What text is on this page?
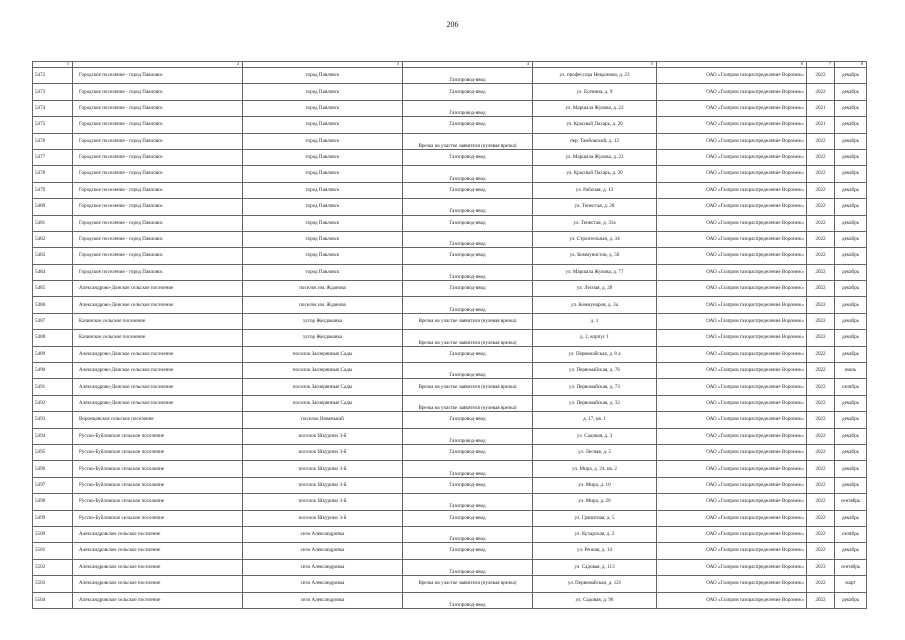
206
1	2	3	4	5	6	7	8
5472	Городское поселение - город Павловск	город Павловск	Газопровод-ввод	ул. профессора Невдонова, д. 23	ОАО «Газпром газораспределение Воронеж»	2022	декабрь
5473	Городское поселение - город Павловск	город Павловск	Газопровод-ввод	ул. Есенина, д. 9	ОАО «Газпром газораспределение Воронеж»	2022	декабрь
5474	Городское поселение - город Павловск	город Павловск	Газопровод-ввод	ул. Маршала Жукова, д. 22	ОАО «Газпром газораспределение Воронеж»	2021	декабрь
5475	Городское поселение - город Павловск	город Павловск	Газопровод-ввод	ул. Красный Пахарь, д. 20	ОАО «Газпром газораспределение Воронеж»	2021	декабрь
5476	Городское поселение - город Павловск	город Павловск	Врезка на участке заявителя (нулевая врезка)	пер. Тамбовский, д. 12	ОАО «Газпром газораспределение Воронеж»	2022	декабрь
5477	Городское поселение - город Павловск	город Павловск	Газопровод-ввод	ул. Маршала Жукова, д. 22	ОАО «Газпром газораспределение Воронеж»	2022	декабрь
5478	Городское поселение - город Павловск	город Павловск	Газопровод-ввод	ул. Красный Пахарь, д. 20	ОАО «Газпром газораспределение Воронеж»	2022	декабрь
5479	Городское поселение - город Павловск	город Павловск	Газопровод-ввод	ул. Рабочая, д. 12	ОАО «Газпром газораспределение Воронеж»	2022	декабрь
5480	Городское поселение - город Павловск	город Павловск	Газопровод-ввод	ул. Тенистая, д. 28	ОАО «Газпром газораспределение Воронеж»	2022	декабрь
5481	Городское поселение - город Павловск	город Павловск	Газопровод-ввод	ул. Тенистая, д. 31а	ОАО «Газпром газораспределение Воронеж»	2022	декабрь
5482	Городское поселение - город Павловск	город Павловск	Газопровод-ввод	ул. Строительная, д. 34	ОАО «Газпром газораспределение Воронеж»	2022	декабрь
5483	Городское поселение - город Павловск	город Павловск	Газопровод-ввод	ул. Коммунистов, д. 50	ОАО «Газпром газораспределение Воронеж»	2022	декабрь
5484	Городское поселение - город Павловск	город Павловск	Газопровод-ввод	ул. Маршала Жукова, д. 77	ОАО «Газпром газораспределение Воронеж»	2022	декабрь
5485	Александрово-Донское сельское поселение	поселок им. Жданова	Газопровод-ввод	ул. Лесная, д. 28	ОАО «Газпром газораспределение Воронеж»	2022	декабрь
5486	Александрово-Донское сельское поселение	поселок им. Жданова	Газопровод-ввод	ул. Коммунаров, д. 3а	ОАО «Газпром газораспределение Воронеж»	2022	декабрь
5487	Казинское сельское поселение	хутор Желдаковка	Врезка на участке заявителя (нулевая врезка)	д. 1	ОАО «Газпром газораспределение Воронеж»	2022	декабрь
5488	Казинское сельское поселение	хутор Желдаковка	Врезка на участке заявителя (нулевая врезка)	д. 2, корпус 1	ОАО «Газпром газораспределение Воронеж»	2022	декабрь
5489	Александрово-Донское сельское поселение	поселок Заозерянные Сады	Газопровод-ввод	ул. Первомайская, д. 8 а	ОАО «Газпром газораспределение Воронеж»	2022	декабрь
5490	Александрово-Донское сельское поселение	поселок Заозерянные Сады	Газопровод-ввод	ул. Первомайская, д. 76	ОАО «Газпром газораспределение Воронеж»	2022	июнь
5491	Александрово-Донское сельское поселение	поселок Заозерянные Сады	Врезка на участке заявителя (нулевая врезка)	ул. Первомайская, д. 73	ОАО «Газпром газораспределение Воронеж»	2022	октябрь
5492	Александрово-Донское сельское поселение	поселок Заозерянные Сады	Врезка на участке заявителя (нулевая врезка)	ул. Первомайская, д. 32	ОАО «Газпром газораспределение Воронеж»	2022	декабрь
5493	Воронцовское сельское поселение	поселок Новенький	Газопровод-ввод	д. 17, кв. 1	ОАО «Газпром газораспределение Воронеж»	2022	декабрь
5494	Русско-Буйловское сельское поселение	поселок Шкурино 3-й	Газопровод-ввод	ул. Садовая, д. 3	ОАО «Газпром газораспределение Воронеж»	2022	декабрь
5495	Русско-Буйловское сельское поселение	поселок Шкурино 3-й	Газопровод-ввод	ул. Лесная, д. 5	ОАО «Газпром газораспределение Воронеж»	2022	декабрь
5496	Русско-Буйловское сельское поселение	поселок Шкурино 3-й	Газопровод-ввод	ул. Мира, д. 24, кв. 2	ОАО «Газпром газораспределение Воронеж»	2022	декабрь
5497	Русско-Буйловское сельское поселение	поселок Шкурино 3-й	Газопровод-ввод	ул. Мира, д. 10	ОАО «Газпром газораспределение Воронеж»	2022	декабрь
5498	Русско-Буйловское сельское поселение	поселок Шкурино 3-й	Газопровод-ввод	ул. Мира, д. 26	ОАО «Газпром газораспределение Воронеж»	2022	сентябрь
5499	Русско-Буйловское сельское поселение	поселок Шкурино 3-й	Газопровод-ввод	ул. Гранитная, д. 5	ОАО «Газпром газораспределение Воронеж»	2022	декабрь
5500	Александровское сельское поселение	село Александровка	Газопровод-ввод	ул. Кухарская, д. 2	ОАО «Газпром газораспределение Воронеж»	2022	октябрь
5501	Александровское сельское поселение	село Александровка	Газопровод-ввод	ул. Речная, д. 14	ОАО «Газпром газораспределение Воронеж»	2022	декабрь
5502	Александровское сельское поселение	село Александровка	Газопровод-ввод	ул. Садовая, д. 113	ОАО «Газпром газораспределение Воронеж»	2023	сентябрь
5503	Александровское сельское поселение	село Александровка	Врезка на участке заявителя (нулевая врезка)	ул. Первомайская, д. 121	ОАО «Газпром газораспределение Воронеж»	2022	март
5504	Александровское сельское поселение	село Александровка	Газопровод-ввод	ул. Садовая, д. 96	ОАО «Газпром газораспределение Воронеж»	2022	декабрь
